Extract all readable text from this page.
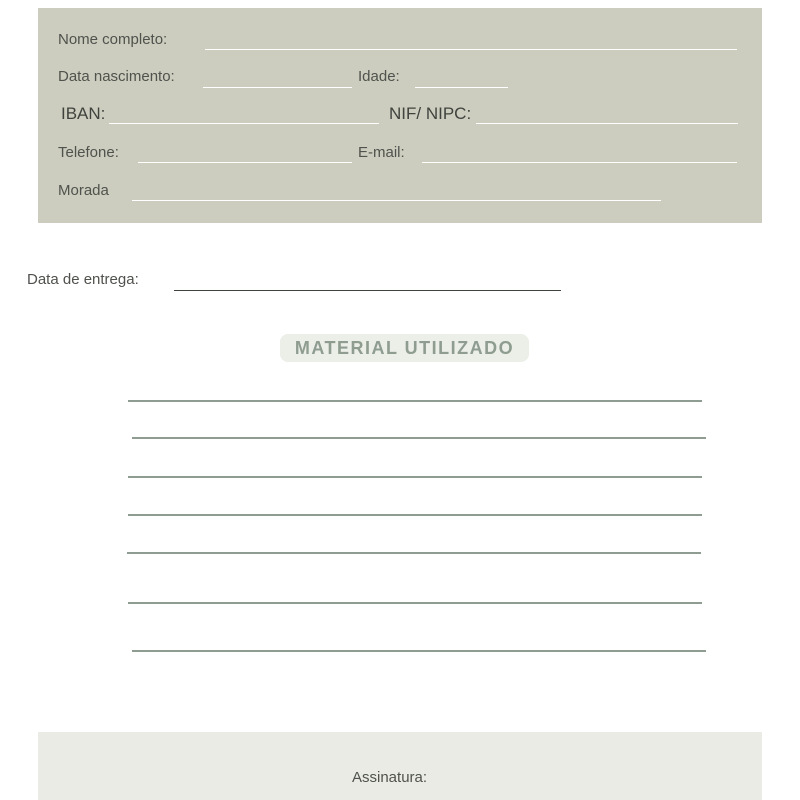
Nome completo:
Data nascimento:	Idade:
IBAN:	NIF/ NIPC:
Telefone:	E-mail:
Morada
Data de entrega:
MATERIAL UTILIZADO
Assinatura:
